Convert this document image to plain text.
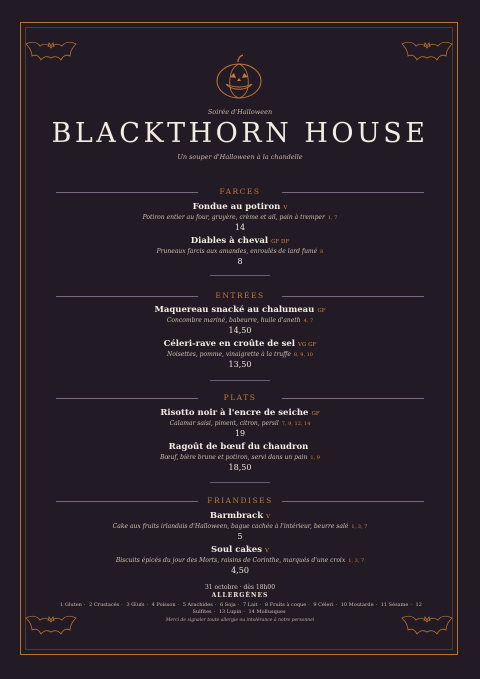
Soirée d'Halloween
BLACKTHORN HOUSE
Un souper d'Halloween à la chandelle
FARCES
Fondue au potiron V
Potiron entier au four, gruyère, crème et ail, pain à tremper 1, 7
14
Diables à cheval GF DF
Pruneaux farcis aux amandes, enroulés de lard fumé 8
8
ENTRÉES
Maquereau snacké au chalumeau GF
Concombre mariné, babeurre, huile d'aneth 4, 7
14,50
Céleri-rave en croûte de sel VG GF
Noisettes, pomme, vinaigrette à la truffe 8, 9, 10
13,50
PLATS
Risotto noir à l'encre de seiche GF
Calamar saisi, piment, citron, persil 7, 9, 12, 14
19
Ragoût de bœuf du chaudron
Bœuf, bière brune et potiron, servi dans un pain 1, 9
18,50
FRIANDISES
Barmbrack V
Cake aux fruits irlandais d'Halloween, bague cachée à l'intérieur, beurre salé 1, 3, 7
5
Soul cakes V
Biscuits épicés du jour des Morts, raisins de Corinthe, marqués d'une croix 1, 3, 7
4,50
31 octobre · dès 18h00
ALLERGÈNES
1 Gluten · 2 Crustacés · 3 Œufs · 4 Poisson · 5 Arachides · 6 Soja · 7 Lait · 8 Fruits à coque · 9 Céleri · 10 Moutarde · 11 Sésame · 12 Sulfites · 13 Lupin · 14 Mollusques
Merci de signaler toute allergie ou intolérance à notre personnel
